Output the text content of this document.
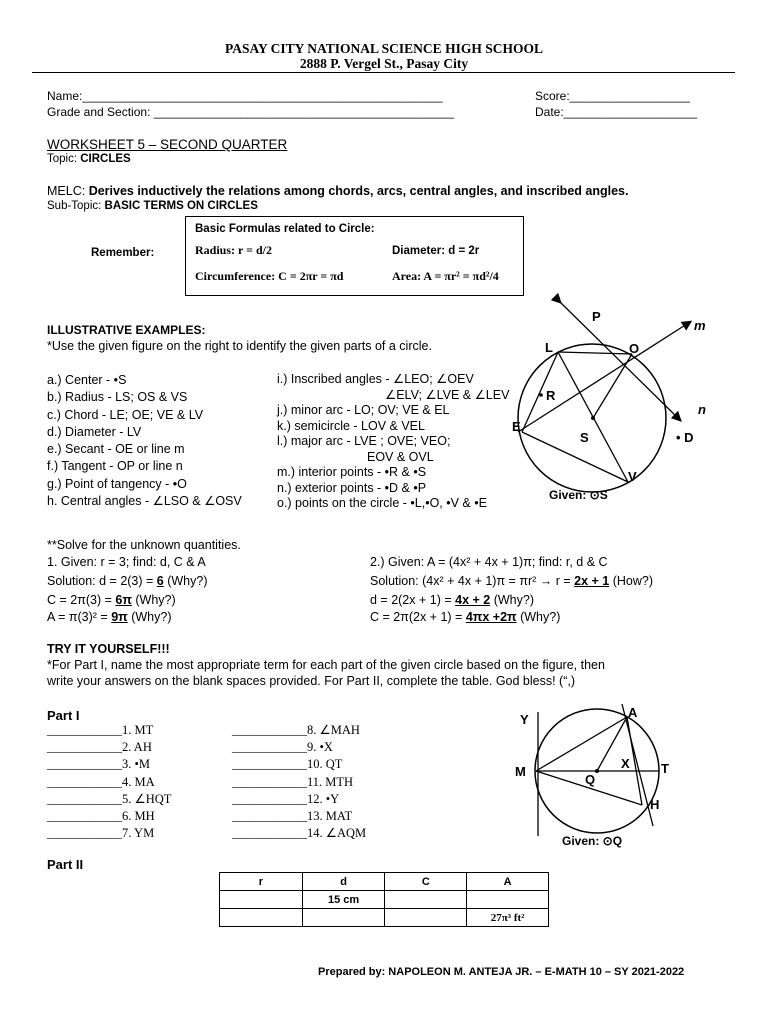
PASAY CITY NATIONAL SCIENCE HIGH SCHOOL
2888 P. Vergel St., Pasay City
Name:______________________________________________________
Grade and Section: _____________________________________________
Score:__________________
Date:____________________
WORKSHEET 5 – SECOND QUARTER
Topic: CIRCLES
MELC: Derives inductively the relations among chords, arcs, central angles, and inscribed angles.
Sub-Topic: BASIC TERMS ON CIRCLES
Remember:
Basic Formulas related to Circle:
Radius: r = d/2	Diameter: d = 2r
Circumference: C = 2πr = πd	Area: A = πr² = πd²/4
ILLUSTRATIVE EXAMPLES:
*Use the given figure on the right to identify the given parts of a circle.
a.) Center - •S
b.) Radius - LS; OS & VS
c.) Chord - LE; OE; VE & LV
d.) Diameter - LV
e.) Secant - OE or line m
f.) Tangent - OP or line n
g.) Point of tangency - •O
h. Central angles - ∠LSO & ∠OSV
i.) Inscribed angles - ∠LEO; ∠OEV
∠ELV; ∠LVE & ∠LEV
j.) minor arc - LO; OV; VE & EL
k.) semicircle - LOV & VEL
l.) major arc - LVE ; OVE; VEO;
EOV & OVL
m.) interior points - •R & •S
n.) exterior points - •D & •P
o.) points on the circle - •L,•O, •V & •E
P
m
L	O
R
n
E
S	• D
V
Given: ⊙S
**Solve for the unknown quantities.
1. Given: r = 3; find: d, C & A
Solution: d = 2(3) = 6 (Why?)
C = 2π(3) = 6π (Why?)
A = π(3)² = 9π (Why?)
2.) Given: A = (4x² + 4x + 1)π; find: r, d & C
Solution: (4x² + 4x + 1)π = πr² → r = 2x + 1 (How?)
d = 2(2x + 1) = 4x + 2 (Why?)
C = 2π(2x + 1) = 4πx +2π (Why?)
TRY IT YOURSELF!!!
*For Part I, name the most appropriate term for each part of the given circle based on the figure, then
write your answers on the blank spaces provided. For Part II, complete the table. God bless! (“,)
Part I
____________1. MT
____________2. AH
____________3. •M
____________4. MA
____________5. ∠HQT
____________6. MH
____________7. YM
____________8. ∠MAH
____________9. •X
____________10. QT
____________11. MTH
____________12. •Y
____________13. MAT
____________14. ∠AQM
Y	A
M
X T
Q
H
Given: ⊙Q
Part II
r	d	C	A
	15 cm		
			27π³ ft²
Prepared by: NAPOLEON M. ANTEJA JR. – E-MATH 10 – SY 2021-2022
